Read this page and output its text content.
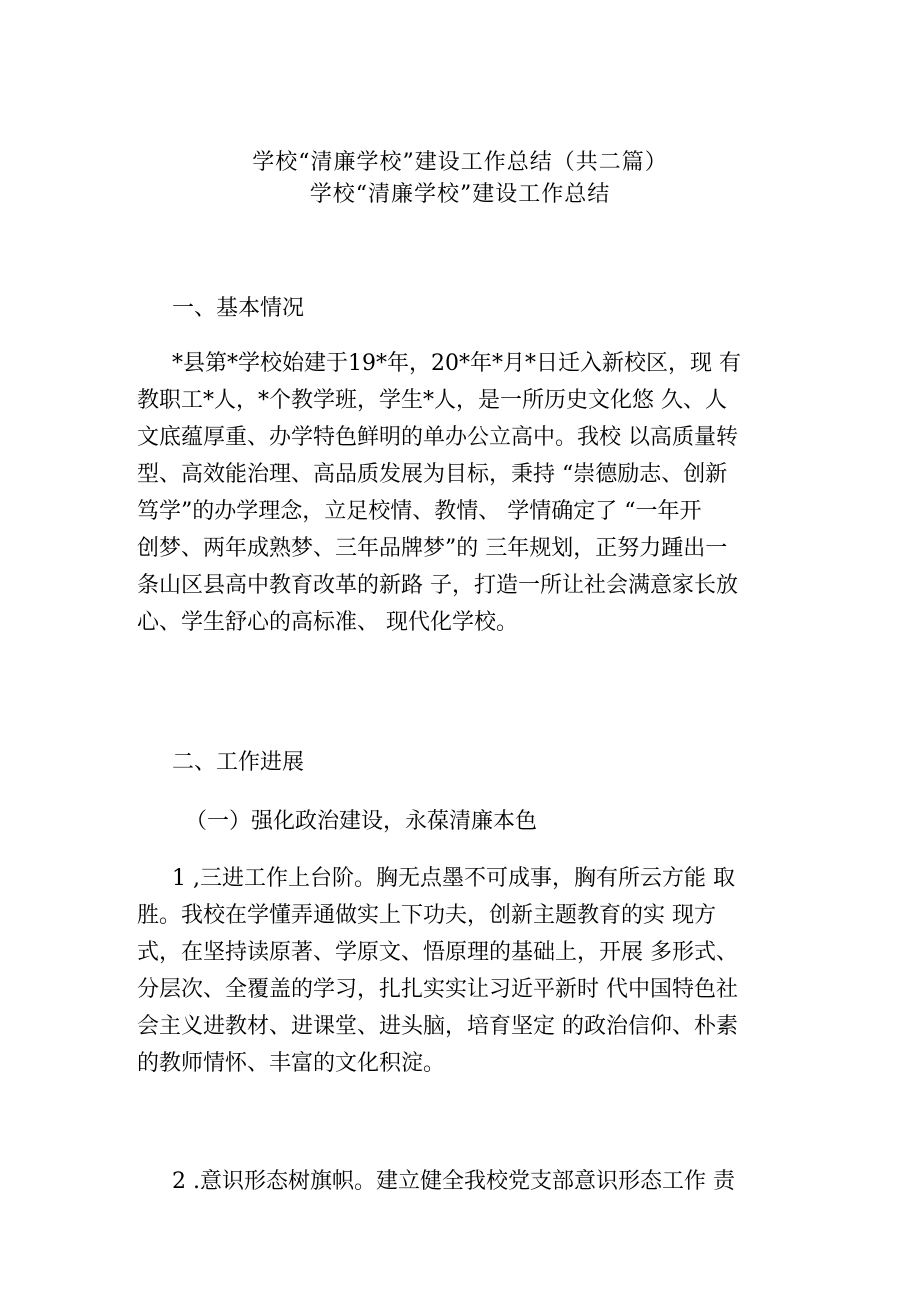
学校“清廉学校”建设工作总结（共二篇）
学校“清廉学校”建设工作总结
一、基本情况
*县第*学校始建于19*年，20*年*月*日迁入新校区，现 有
教职工*人，*个教学班，学生*人，是一所历史文化悠 久、人
文底蕴厚重、办学特色鲜明的单办公立高中。我校 以高质量转
型、高效能治理、高品质发展为目标，秉持 “崇德励志、创新
笃学”的办学理念，立足校情、教情、 学情确定了 “一年开
创梦、两年成熟梦、三年品牌梦”的 三年规划，正努力踵出一
条山区县高中教育改革的新路 子，打造一所让社会满意家长放
心、学生舒心的高标准、 现代化学校。
二、工作进展
（一）强化政治建设，永葆清廉本色
1 ,三进工作上台阶。胸无点墨不可成事，胸有所云方能 取
胜。我校在学懂弄通做实上下功夫，创新主题教育的实 现方
式，在坚持读原著、学原文、悟原理的基础上，开展 多形式、
分层次、全覆盖的学习，扎扎实实让习近平新时 代中国特色社
会主义进教材、进课堂、进头脑，培育坚定 的政治信仰、朴素
的教师情怀、丰富的文化积淀。
2 .意识形态树旗帜。建立健全我校党支部意识形态工作 责
